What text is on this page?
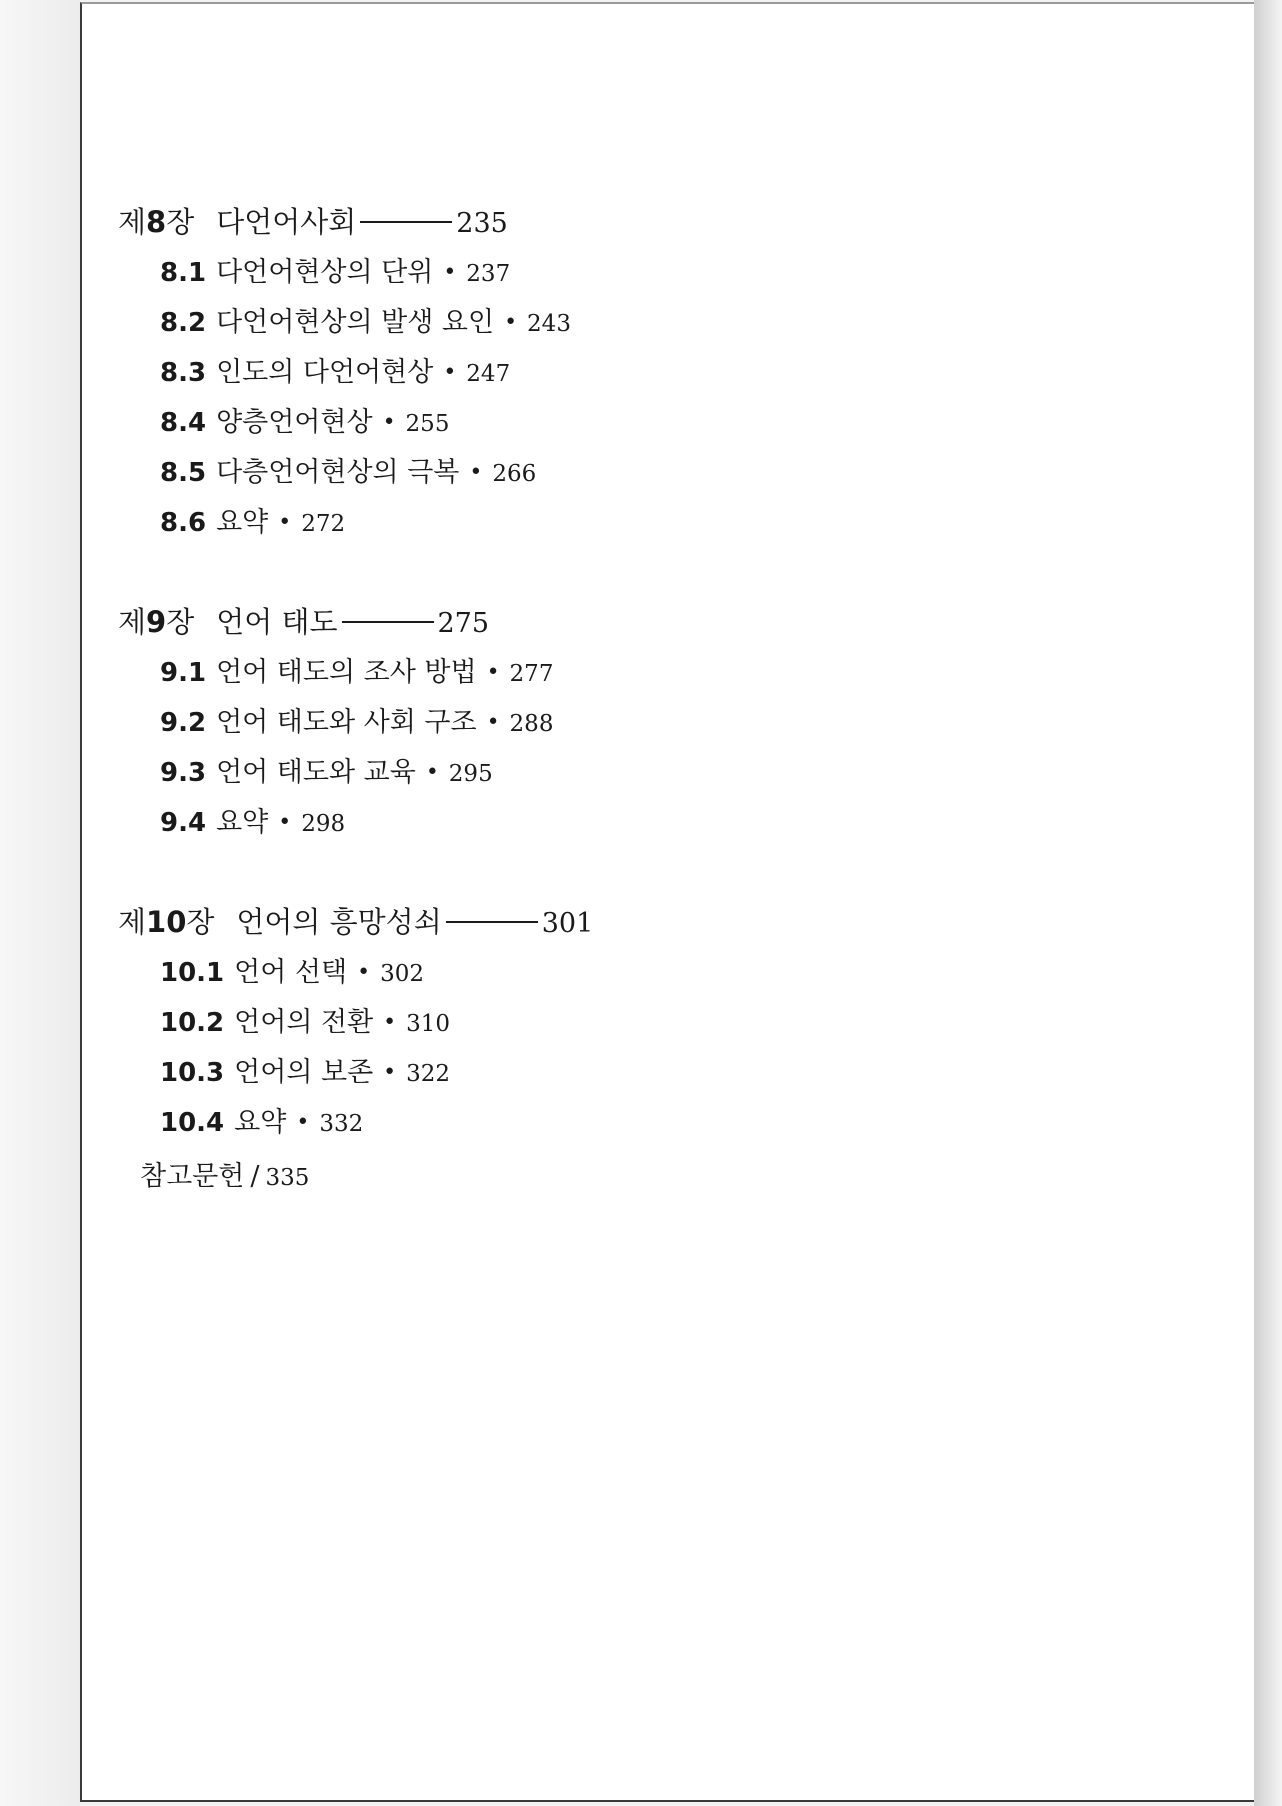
제8장 다언어사회	235
8.1 다언어현상의 단위 • 237
8.2 다언어현상의 발생 요인 • 243
8.3 인도의 다언어현상 • 247
8.4 양층언어현상 • 255
8.5 다층언어현상의 극복 • 266
8.6 요약 • 272
제9장 언어 태도	275
9.1 언어 태도의 조사 방법 • 277
9.2 언어 태도와 사회 구조 • 288
9.3 언어 태도와 교육 • 295
9.4 요약 • 298
제10장 언어의 흥망성쇠	301
10.1 언어 선택 • 302
10.2 언어의 전환 • 310
10.3 언어의 보존 • 322
10.4 요약 • 332
참고문헌 / 335
